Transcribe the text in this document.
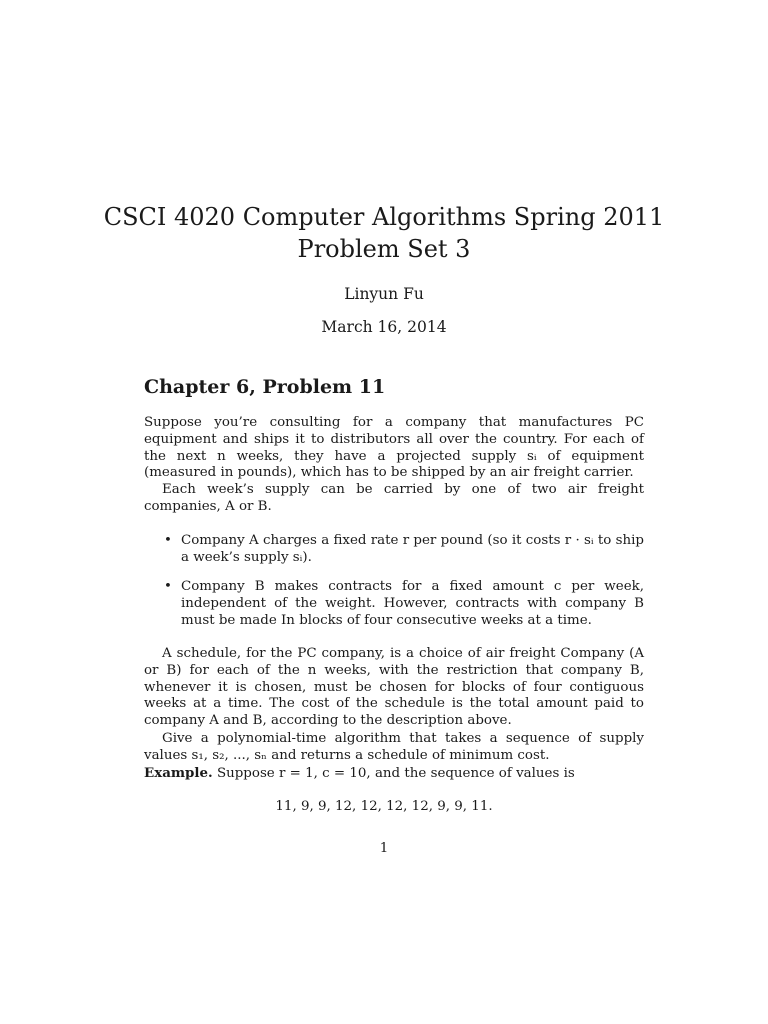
CSCI 4020 Computer Algorithms Spring 2011
Problem Set 3
Linyun Fu
March 16, 2014
Chapter 6, Problem 11

Suppose you’re consulting for a company that manufactures PC equipment and ships it to distributors all over the country. For each of the next n weeks, they have a projected supply sᵢ of equipment (measured in pounds), which has to be shipped by an air freight carrier.

Each week’s supply can be carried by one of two air freight companies, A or B.

• Company A charges a fixed rate r per pound (so it costs r · sᵢ to ship a week’s supply sᵢ).
• Company B makes contracts for a fixed amount c per week, independent of the weight. However, contracts with company B must be made In blocks of four consecutive weeks at a time.

A schedule, for the PC company, is a choice of air freight Company (A or B) for each of the n weeks, with the restriction that company B, whenever it is chosen, must be chosen for blocks of four contiguous weeks at a time. The cost of the schedule is the total amount paid to company A and B, according to the description above.

Give a polynomial-time algorithm that takes a sequence of supply values s₁, s₂, ..., sₙ and returns a schedule of minimum cost.

Example. Suppose r = 1, c = 10, and the sequence of values is

11, 9, 9, 12, 12, 12, 12, 9, 9, 11.
1
